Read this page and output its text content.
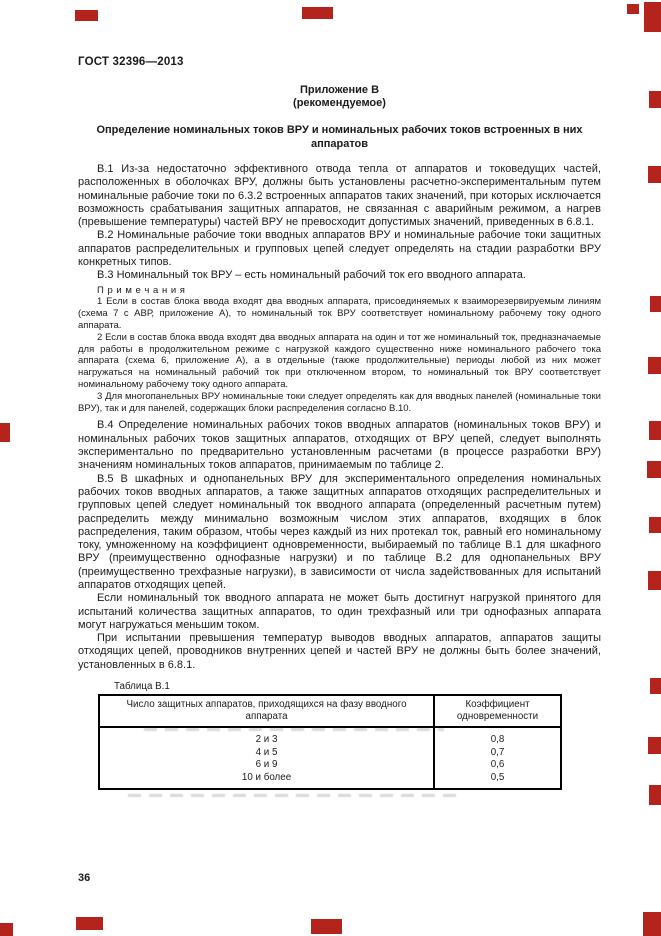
ГОСТ 32396—2013
Приложение В
(рекомендуемое)
Определение номинальных токов ВРУ и номинальных рабочих токов встроенных в них аппаратов

В.1 Из-за недостаточно эффективного отвода тепла от аппаратов и токоведущих частей, расположенных в оболочках ВРУ, должны быть установлены расчетно-экспериментальным путем номинальные рабочие токи по 6.3.2 встроенных аппаратов таких значений, при которых исключается возможность срабатывания защитных аппаратов, не связанная с аварийным режимом, а нагрев (превышение температуры) частей ВРУ не превосходит допустимых значений, приведенных в 6.8.1.

В.2 Номинальные рабочие токи вводных аппаратов ВРУ и номинальные рабочие токи защитных аппаратов распределительных и групповых цепей следует определять на стадии разработки ВРУ конкретных типов.

В.3 Номинальный ток ВРУ – есть номинальный рабочий ток его вводного аппарата.

П р и м е ч а н и я

1 Если в состав блока ввода входят два вводных аппарата, присоединяемых к взаиморезервируемым линиям (схема 7 с АВР, приложение А), то номинальный ток ВРУ соответствует номинальному рабочему току одного аппарата.

2 Если в состав блока ввода входят два вводных аппарата на один и тот же номинальный ток, предназначаемые для работы в продолжительном режиме с нагрузкой каждого существенно ниже номинального рабочего тока аппарата (схема 6, приложение А), а в отдельные (также продолжительные) периоды любой из них может нагружаться на номинальный рабочий ток при отключенном втором, то номинальный ток ВРУ соответствует номинальному рабочему току одного аппарата.

3 Для многопанельных ВРУ номинальные токи следует определять как для вводных панелей (номинальные токи ВРУ), так и для панелей, содержащих блоки распределения согласно В.10.

В.4 Определение номинальных рабочих токов вводных аппаратов (номинальных токов ВРУ) и номинальных рабочих токов защитных аппаратов, отходящих от ВРУ цепей, следует выполнять экспериментально по предварительно установленным расчетами (в процессе разработки ВРУ) значениям номинальных токов аппаратов, принимаемым по таблице 2.

В.5 В шкафных и однопанельных ВРУ для экспериментального определения номинальных рабочих токов вводных аппаратов, а также защитных аппаратов отходящих распределительных и групповых цепей следует номинальный ток вводного аппарата (определенный расчетным путем) распределить между минимально возможным числом этих аппаратов, входящих в блок распределения, таким образом, чтобы через каждый из них протекал ток, равный его номинальному току, умноженному на коэффициент одновременности, выбираемый по таблице В.1 для шкафного ВРУ (преимущественно однофазные нагрузки) и по таблице В.2 для однопанельных ВРУ (преимущественно трехфазные нагрузки), в зависимости от числа задействованных для испытаний аппаратов отходящих цепей.

Если номинальный ток вводного аппарата не может быть достигнут нагрузкой принятого для испытаний количества защитных аппаратов, то один трехфазный или три однофазных аппарата могут нагружаться меньшим током.

При испытании превышения температур выводов вводных аппаратов, аппаратов защиты отходящих цепей, проводников внутренних цепей и частей ВРУ не должны быть более значений, установленных в 6.8.1.

Таблица В.1
Число защитных аппаратов, приходящихся на фазу вводного аппарата	Коэффициент одновременности
2 и 3	0,8
4 и 5	0,7
6 и 9	0,6
10 и более	0,5
36
